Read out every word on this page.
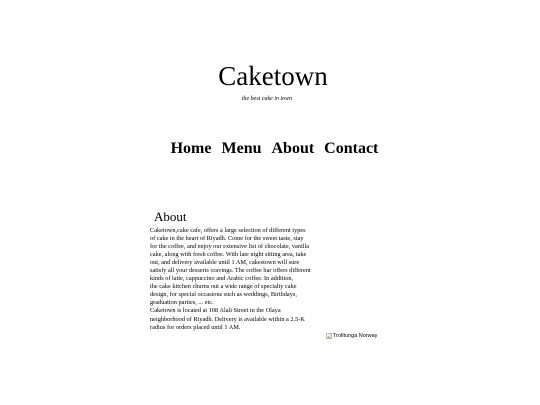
Caketown

the best cake in town

Home Menu About Contact
About

Caketown,cake cafe, offers a large selection of different types
of cake in the heart of Riyadh. Come for the sweet taste, stay
for the coffee, and enjoy our extensive list of chocolate, vanilla
cake, along with fresh coffee. With late night sitting area, take
out, and delivery available until 1 AM, cakestown will sure
satisfy all your desserts cravings. The coffee bar offers different
kinds of latte, cappuccino and Arabic coffee. In addition,
the cake kitchen churns out a wide range of specialty cake
design, for special occasions such as weddings, Birthdays,
graduation parties, ... etc.
Caketown is located at 108 Alali Street in the Olaya
neighborhood of Riyadh. Delivery is available within a 2.5-K
radius for orders placed until 1 AM.

Trolltunga Norway
